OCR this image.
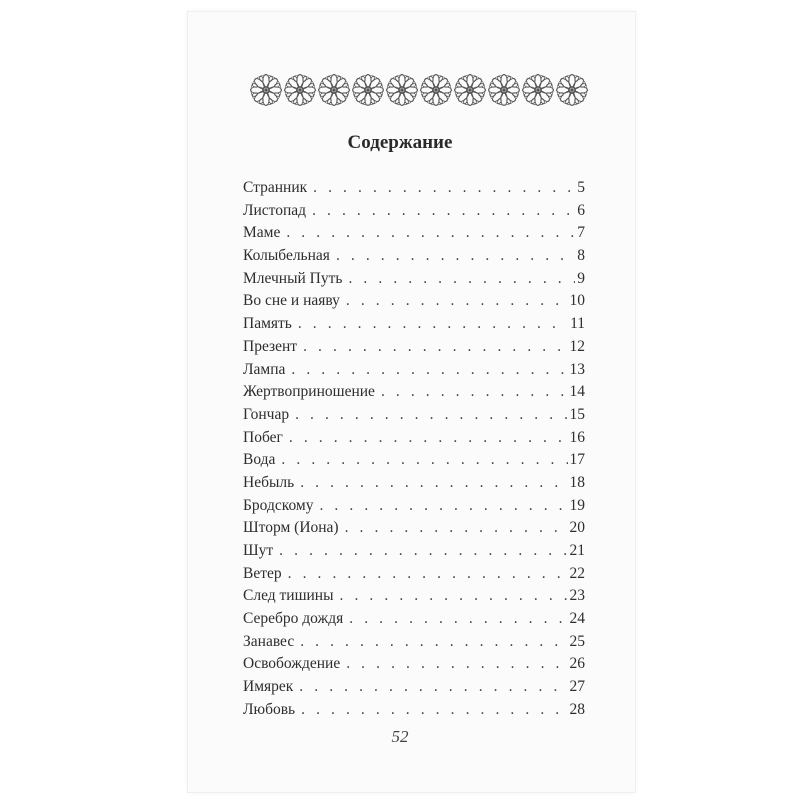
Содержание
Странник . . .	5
Листопад . . .	6
Маме . . .	7
Колыбельная . . .	8
Млечный Путь . . .	9
Во сне и наяву . . .	10
Память . . .	11
Презент . . .	12
Лампа . . .	13
Жертвоприношение . . .	14
Гончар . . .	15
Побег . . .	16
Вода . . .	17
Небыль . . .	18
Бродскому . . .	19
Шторм (Иона) . . .	20
Шут . . .	21
Ветер . . .	22
След тишины . . .	23
Серебро дождя . . .	24
Занавес . . .	25
Освобождение . . .	26
Имярек . . .	27
Любовь . . .	28
52
